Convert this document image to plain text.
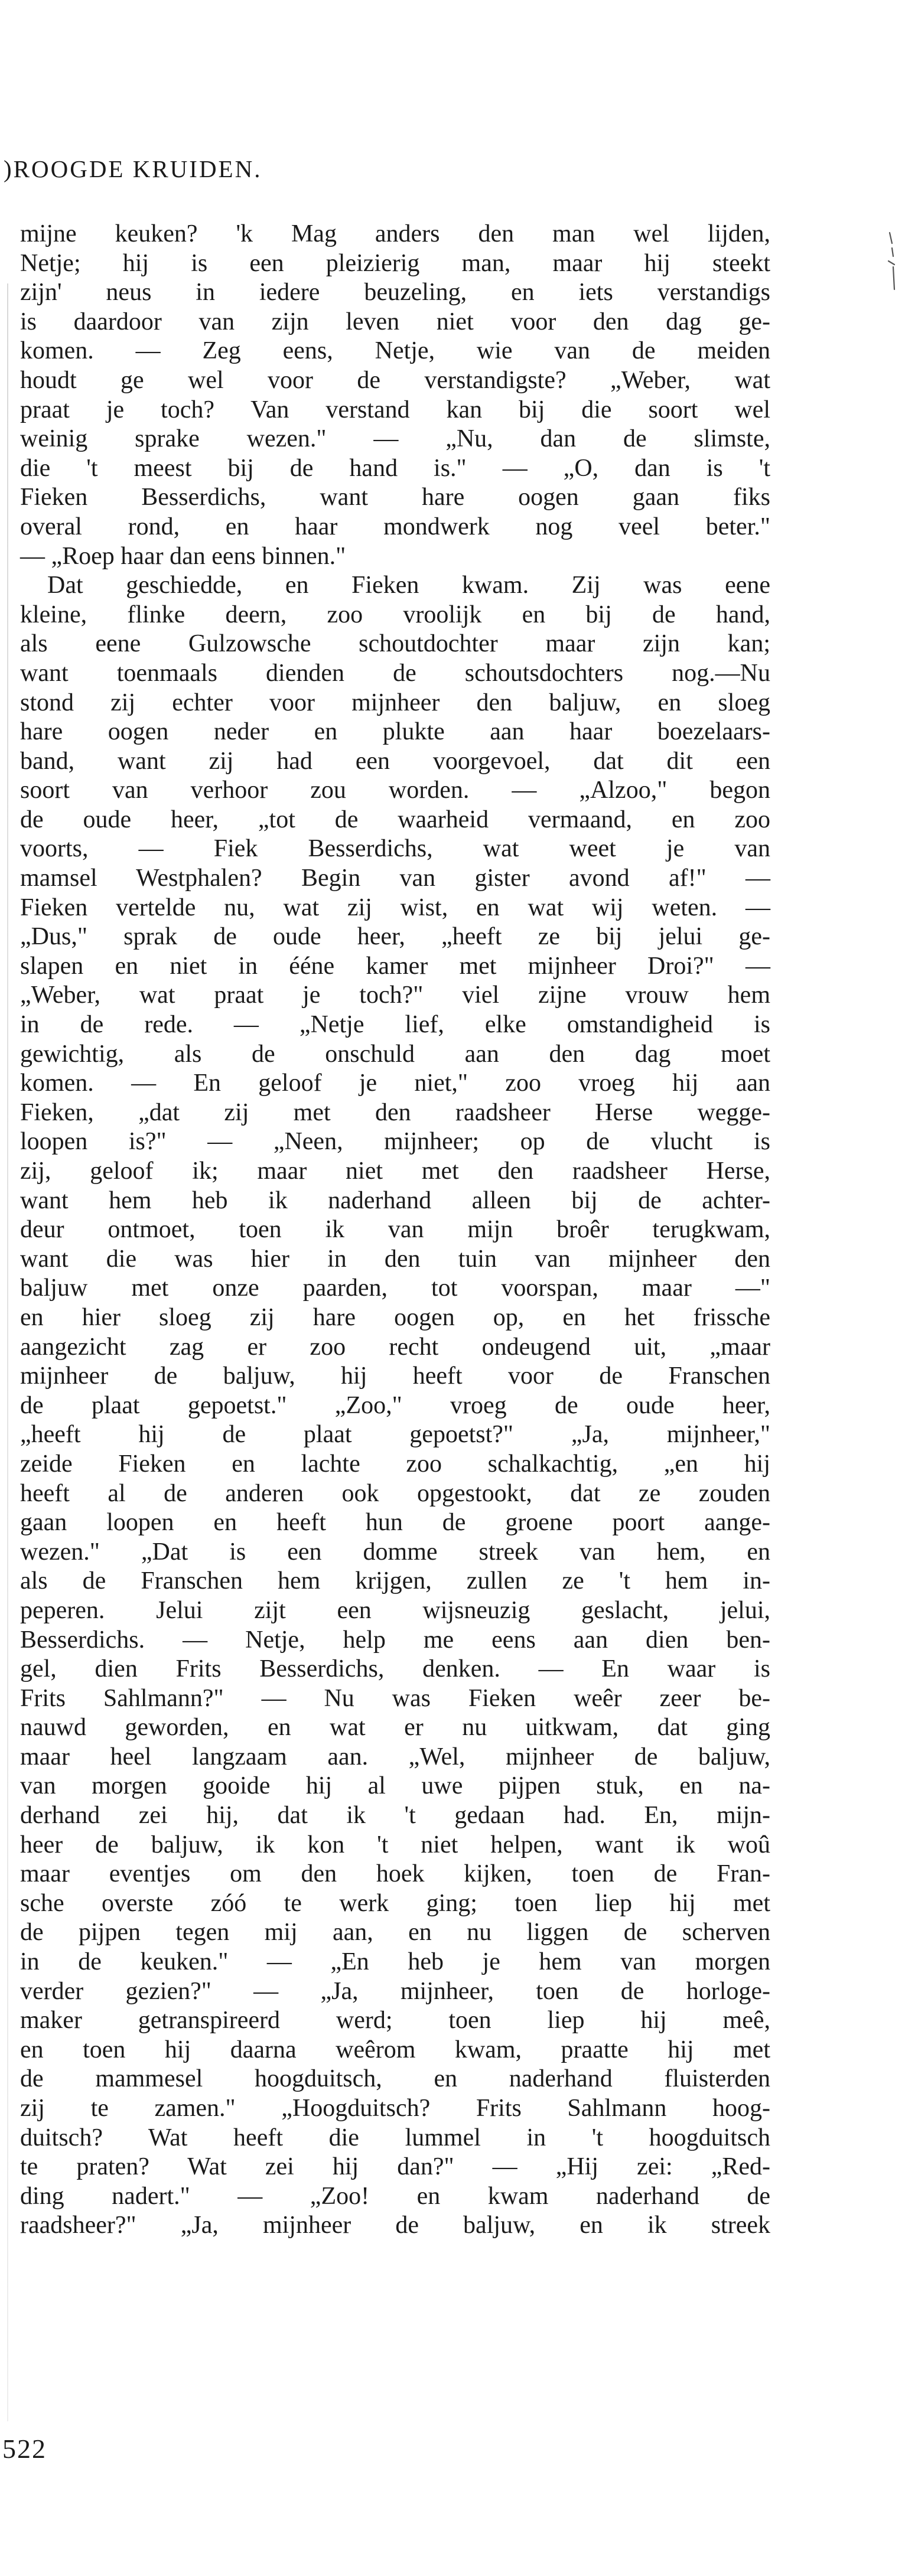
)ROOGDE KRUIDEN.
mijne keuken? 'k Mag anders den man wel lijden,
Netje; hij is een pleizierig man, maar hij steekt
zijn' neus in iedere beuzeling, en iets verstandigs
is daardoor van zijn leven niet voor den dag ge-
komen. — Zeg eens, Netje, wie van de meiden
houdt ge wel voor de verstandigste? „Weber, wat
praat je toch? Van verstand kan bij die soort wel
weinig sprake wezen." — „Nu, dan de slimste,
die 't meest bij de hand is." — „O, dan is 't
Fieken Besserdichs, want hare oogen gaan fiks
overal rond, en haar mondwerk nog veel beter."
— „Roep haar dan eens binnen."
Dat geschiedde, en Fieken kwam. Zij was eene
kleine, flinke deern, zoo vroolijk en bij de hand,
als eene Gulzowsche schoutdochter maar zijn kan;
want toenmaals dienden de schoutsdochters nog.—Nu
stond zij echter voor mijnheer den baljuw, en sloeg
hare oogen neder en plukte aan haar boezelaars-
band, want zij had een voorgevoel, dat dit een
soort van verhoor zou worden. — „Alzoo," begon
de oude heer, „tot de waarheid vermaand, en zoo
voorts, — Fiek Besserdichs, wat weet je van
mamsel Westphalen? Begin van gister avond af!" —
Fieken vertelde nu, wat zij wist, en wat wij weten. —
„Dus," sprak de oude heer, „heeft ze bij jelui ge-
slapen en niet in ééne kamer met mijnheer Droi?" —
„Weber, wat praat je toch?" viel zijne vrouw hem
in de rede. — „Netje lief, elke omstandigheid is
gewichtig, als de onschuld aan den dag moet
komen. — En geloof je niet," zoo vroeg hij aan
Fieken, „dat zij met den raadsheer Herse wegge-
loopen is?" — „Neen, mijnheer; op de vlucht is
zij, geloof ik; maar niet met den raadsheer Herse,
want hem heb ik naderhand alleen bij de achter-
deur ontmoet, toen ik van mijn broêr terugkwam,
want die was hier in den tuin van mijnheer den
baljuw met onze paarden, tot voorspan, maar —"
en hier sloeg zij hare oogen op, en het frissche
aangezicht zag er zoo recht ondeugend uit, „maar
mijnheer de baljuw, hij heeft voor de Franschen
de plaat gepoetst." „Zoo," vroeg de oude heer,
„heeft hij de plaat gepoetst?" „Ja, mijnheer,"
zeide Fieken en lachte zoo schalkachtig, „en hij
heeft al de anderen ook opgestookt, dat ze zouden
gaan loopen en heeft hun de groene poort aange-
wezen." „Dat is een domme streek van hem, en
als de Franschen hem krijgen, zullen ze 't hem in-
peperen. Jelui zijt een wijsneuzig geslacht, jelui,
Besserdichs. — Netje, help me eens aan dien ben-
gel, dien Frits Besserdichs, denken. — En waar is
Frits Sahlmann?" — Nu was Fieken weêr zeer be-
nauwd geworden, en wat er nu uitkwam, dat ging
maar heel langzaam aan. „Wel, mijnheer de baljuw,
van morgen gooide hij al uwe pijpen stuk, en na-
derhand zei hij, dat ik 't gedaan had. En, mijn-
heer de baljuw, ik kon 't niet helpen, want ik woû
maar eventjes om den hoek kijken, toen de Fran-
sche overste zóó te werk ging; toen liep hij met
de pijpen tegen mij aan, en nu liggen de scherven
in de keuken." — „En heb je hem van morgen
verder gezien?" — „Ja, mijnheer, toen de horloge-
maker getranspireerd werd; toen liep hij meê,
en toen hij daarna weêrom kwam, praatte hij met
de mammesel hoogduitsch, en naderhand fluisterden
zij te zamen." „Hoogduitsch? Frits Sahlmann hoog-
duitsch? Wat heeft die lummel in 't hoogduitsch
te praten? Wat zei hij dan?" — „Hij zei: „Red-
ding nadert." — „Zoo! en kwam naderhand de
raadsheer?" „Ja, mijnheer de baljuw, en ik streek
522
